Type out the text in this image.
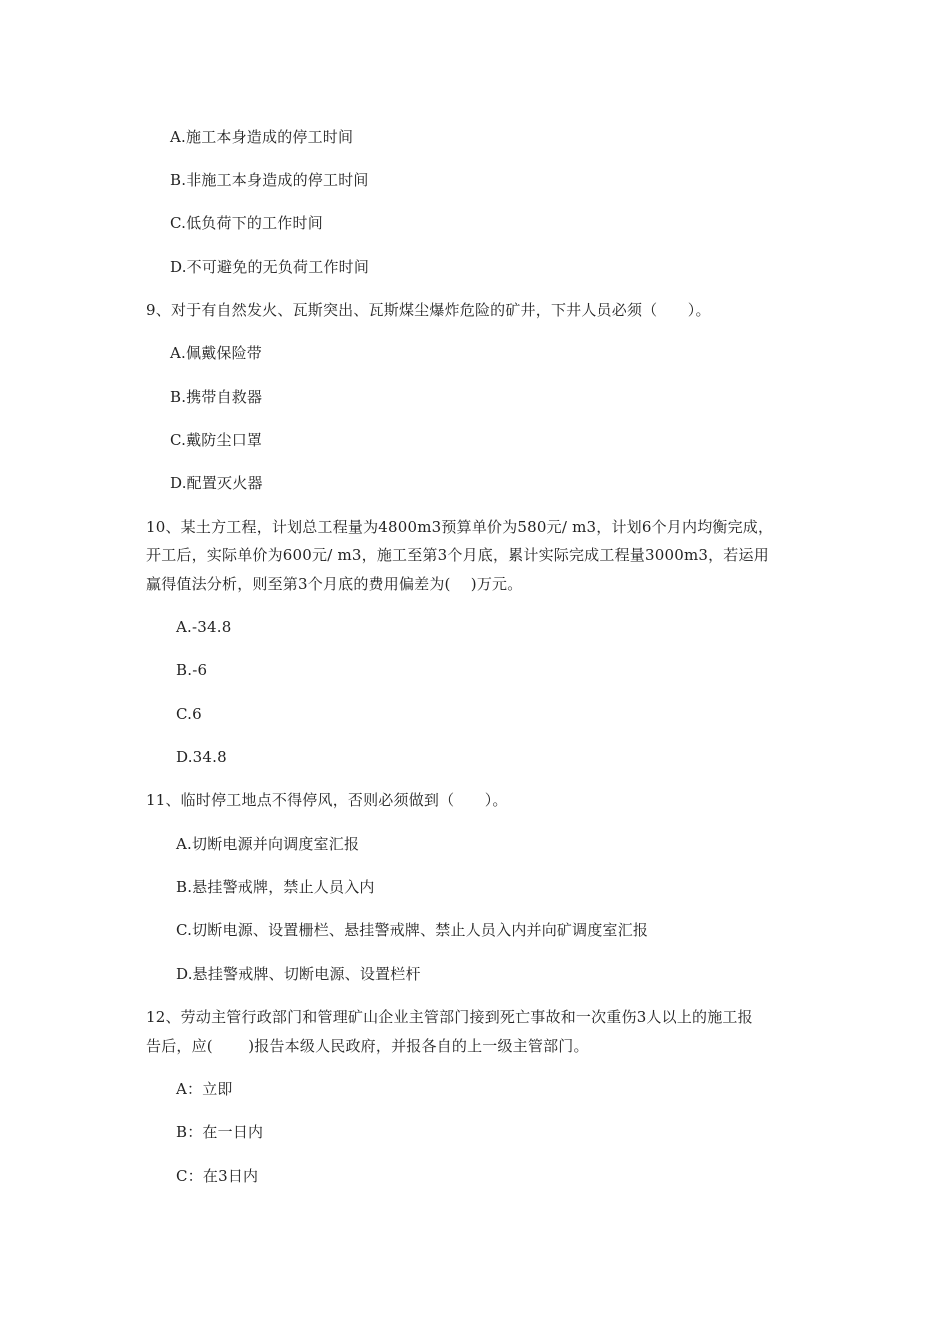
A.施工本身造成的停工时间
B.非施工本身造成的停工时间
C.低负荷下的工作时间
D.不可避免的无负荷工作时间
9、对于有自然发火、瓦斯突出、瓦斯煤尘爆炸危险的矿井，下井人员必须（　　）。
A.佩戴保险带
B.携带自救器
C.戴防尘口罩
D.配置灭火器
10、某土方工程，计划总工程量为4800m3预算单价为580元/ m3，计划6个月内均衡完成，
开工后，实际单价为600元/ m3，施工至第3个月底，累计实际完成工程量3000m3，若运用
赢得值法分析，则至第3个月底的费用偏差为(　 )万元。
A.-34.8
B.-6
C.6
D.34.8
11、临时停工地点不得停风，否则必须做到（　　）。
A.切断电源并向调度室汇报
B.悬挂警戒牌，禁止人员入内
C.切断电源、设置栅栏、悬挂警戒牌、禁止人员入内并向矿调度室汇报
D.悬挂警戒牌、切断电源、设置栏杆
12、劳动主管行政部门和管理矿山企业主管部门接到死亡事故和一次重伤3人以上的施工报
告后，应(　　 )报告本级人民政府，并报各自的上一级主管部门。
A：立即
B：在一日内
C：在3日内
